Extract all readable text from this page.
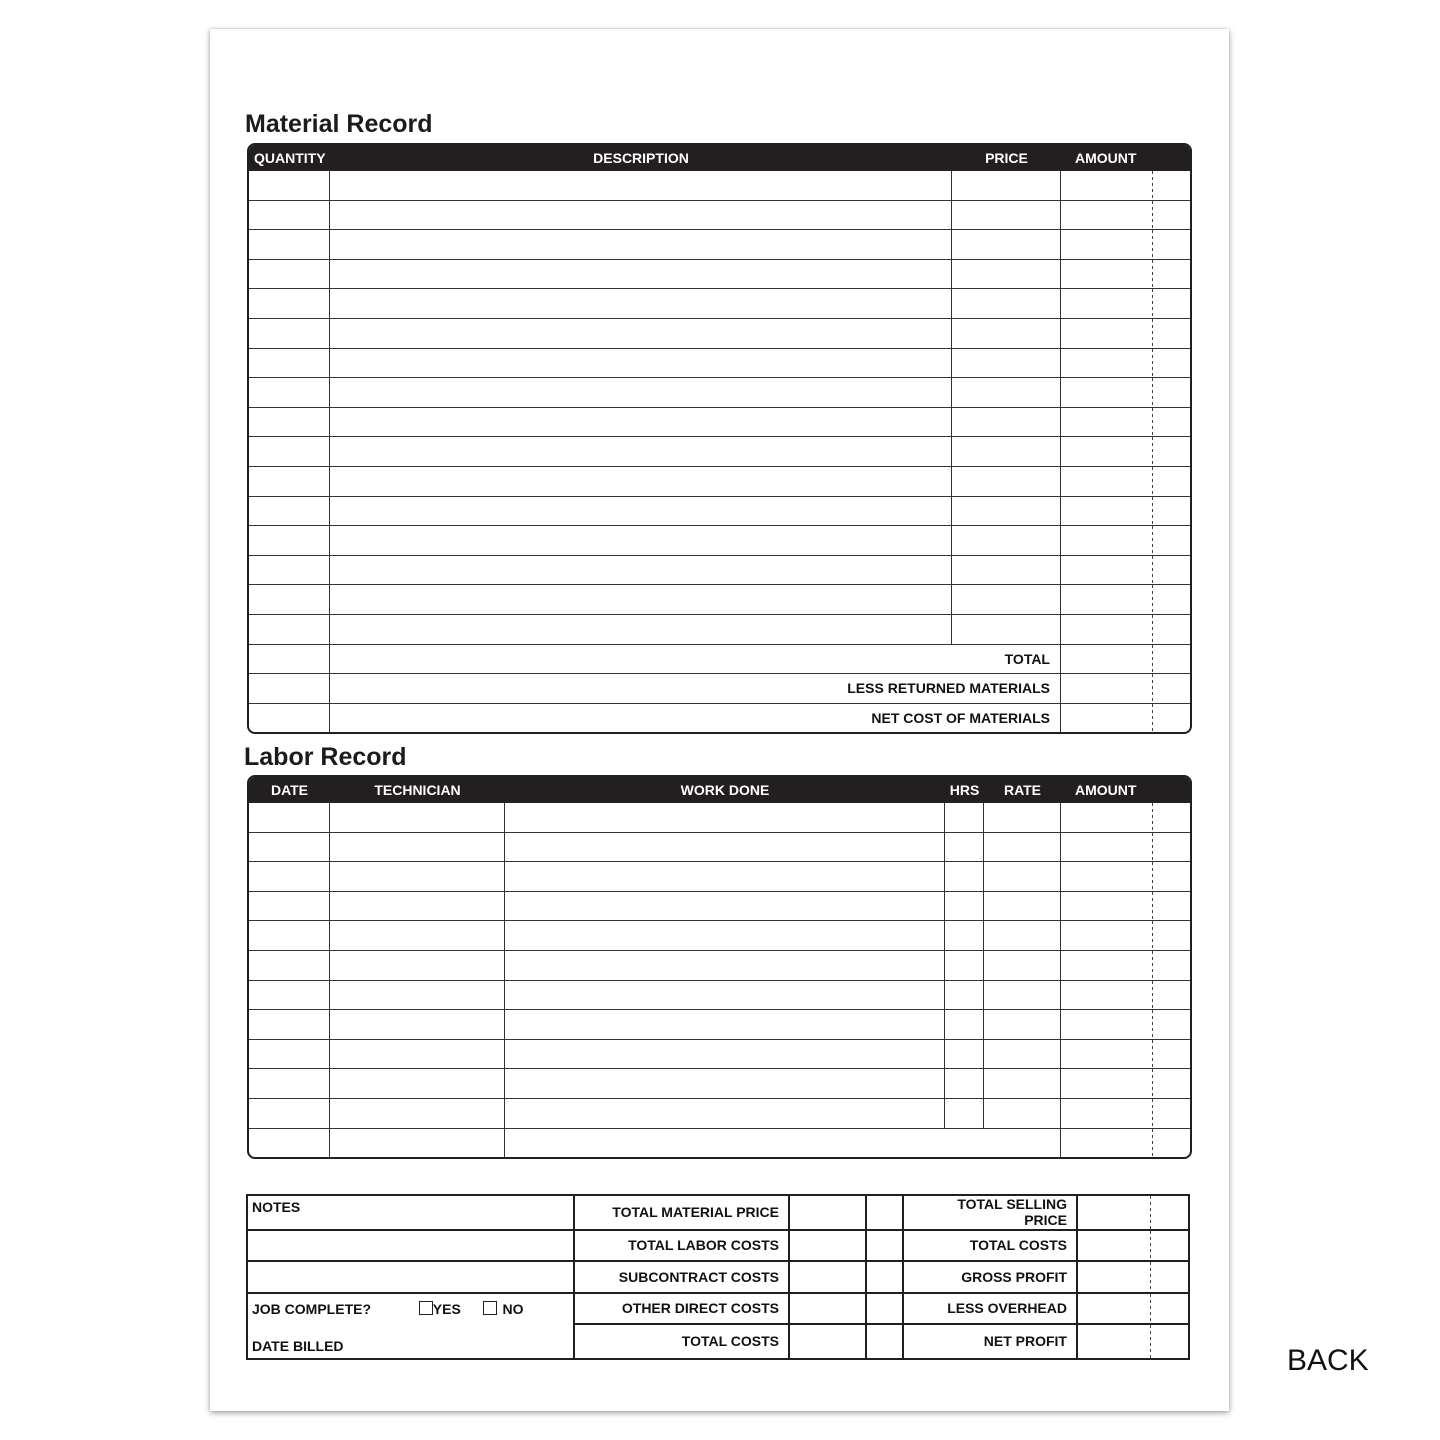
Material Record
QUANTITY	DESCRIPTION	PRICE	AMOUNT

	TOTAL		
	LESS RETURNED MATERIALS		
	NET COST OF MATERIALS		
Labor Record
DATE	TECHNICIAN	WORK DONE	HRS	RATE	AMOUNT

NOTES	TOTAL MATERIAL PRICE			TOTAL SELLING PRICE	
	TOTAL LABOR COSTS			TOTAL COSTS	
	SUBCONTRACT COSTS			GROSS PROFIT	
JOB COMPLETE? YES NO	OTHER DIRECT COSTS			LESS OVERHEAD	
DATE BILLED	TOTAL COSTS			NET PROFIT	
BACK
